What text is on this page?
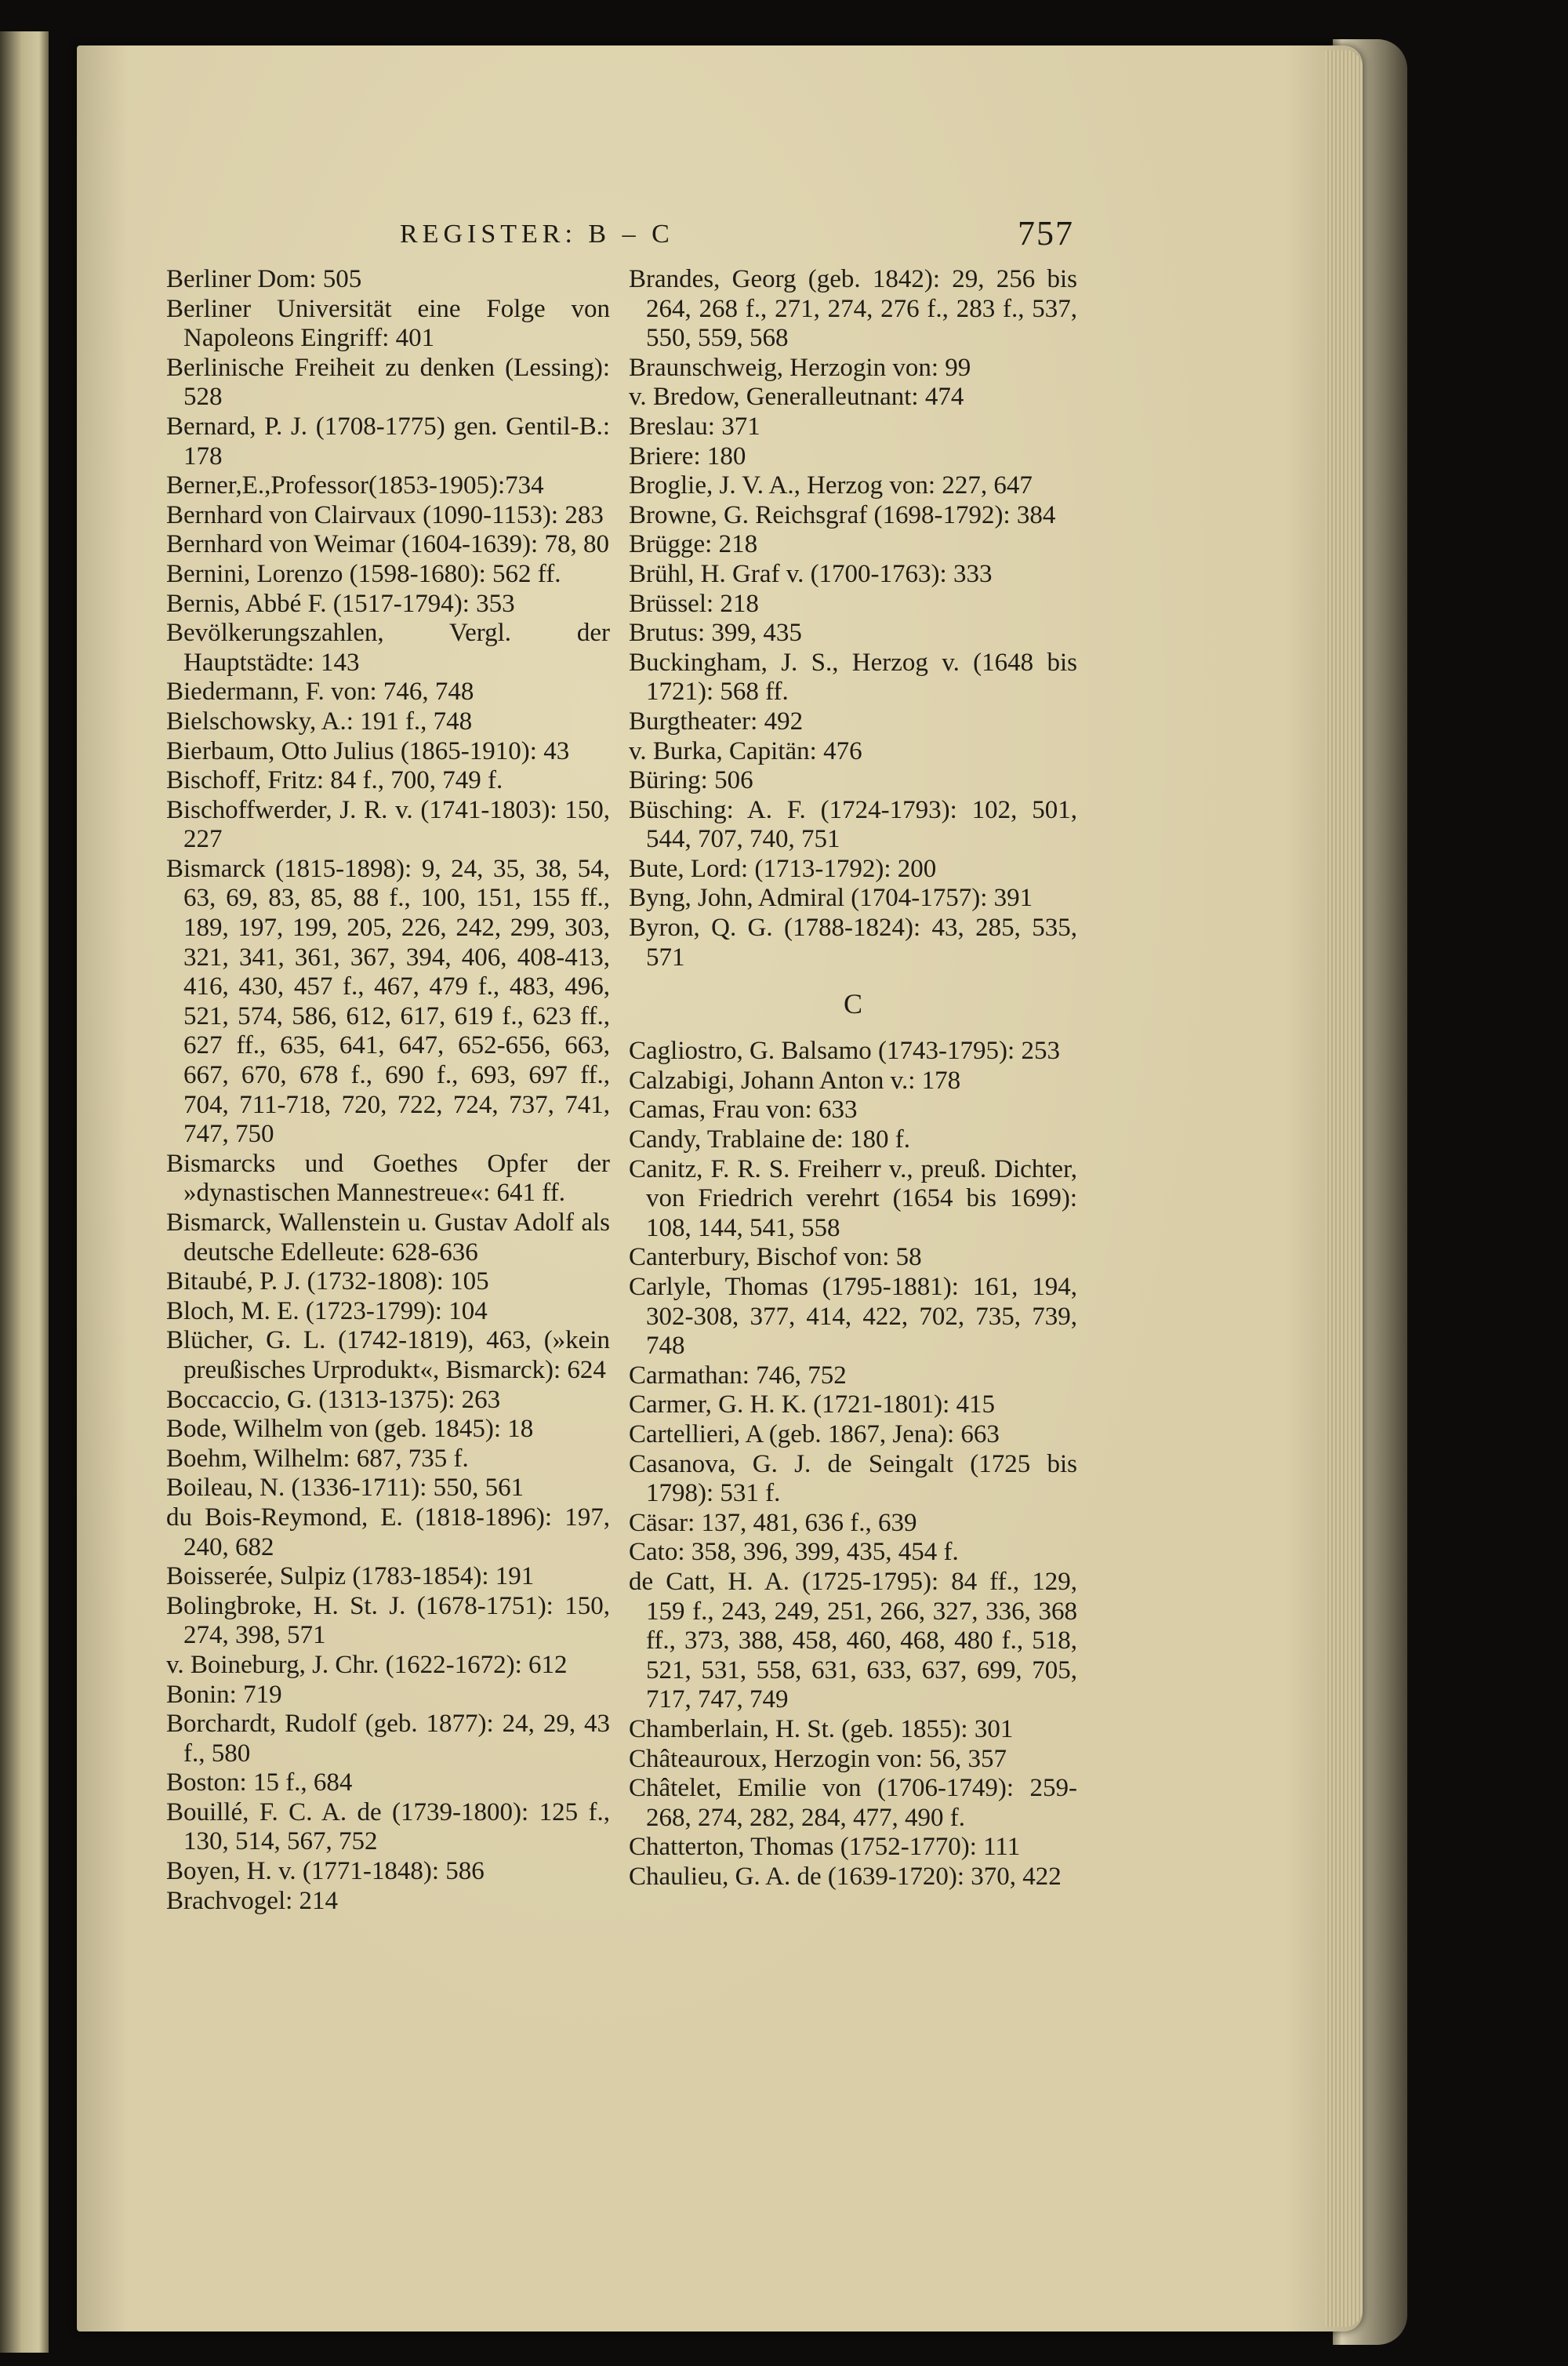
REGISTER: B – C	757

Berliner Dom: 505

Berliner Universität eine Folge von Napoleons Eingriff: 401

Berlinische Freiheit zu denken (Lessing): 528

Bernard, P. J. (1708-1775) gen. Gentil-B.: 178

Berner,E.,Professor(1853-1905):734

Bernhard von Clairvaux (1090-1153): 283

Bernhard von Weimar (1604-1639): 78, 80

Bernini, Lorenzo (1598-1680): 562 ff.

Bernis, Abbé F. (1517-1794): 353

Bevölkerungszahlen, Vergl. der Hauptstädte: 143

Biedermann, F. von: 746, 748

Bielschowsky, A.: 191 f., 748

Bierbaum, Otto Julius (1865-1910): 43

Bischoff, Fritz: 84 f., 700, 749 f.

Bischoffwerder, J. R. v. (1741-1803): 150, 227

Bismarck (1815-1898): 9, 24, 35, 38, 54, 63, 69, 83, 85, 88 f., 100, 151, 155 ff., 189, 197, 199, 205, 226, 242, 299, 303, 321, 341, 361, 367, 394, 406, 408-413, 416, 430, 457 f., 467, 479 f., 483, 496, 521, 574, 586, 612, 617, 619 f., 623 ff., 627 ff., 635, 641, 647, 652-656, 663, 667, 670, 678 f., 690 f., 693, 697 ff., 704, 711-718, 720, 722, 724, 737, 741, 747, 750

Bismarcks und Goethes Opfer der »dynastischen Mannestreue«: 641 ff.

Bismarck, Wallenstein u. Gustav Adolf als deutsche Edelleute: 628-636

Bitaubé, P. J. (1732-1808): 105

Bloch, M. E. (1723-1799): 104

Blücher, G. L. (1742-1819), 463, (»kein preußisches Urprodukt«, Bismarck): 624

Boccaccio, G. (1313-1375): 263

Bode, Wilhelm von (geb. 1845): 18

Boehm, Wilhelm: 687, 735 f.

Boileau, N. (1336-1711): 550, 561

du Bois-Reymond, E. (1818-1896): 197, 240, 682

Boisserée, Sulpiz (1783-1854): 191

Bolingbroke, H. St. J. (1678-1751): 150, 274, 398, 571

v. Boineburg, J. Chr. (1622-1672): 612

Bonin: 719

Borchardt, Rudolf (geb. 1877): 24, 29, 43 f., 580

Boston: 15 f., 684

Bouillé, F. C. A. de (1739-1800): 125 f., 130, 514, 567, 752

Boyen, H. v. (1771-1848): 586

Brachvogel: 214

Brandes, Georg (geb. 1842): 29, 256 bis 264, 268 f., 271, 274, 276 f., 283 f., 537, 550, 559, 568

Braunschweig, Herzogin von: 99

v. Bredow, Generalleutnant: 474

Breslau: 371

Briere: 180

Broglie, J. V. A., Herzog von: 227, 647

Browne, G. Reichsgraf (1698-1792): 384

Brügge: 218

Brühl, H. Graf v. (1700-1763): 333

Brüssel: 218

Brutus: 399, 435

Buckingham, J. S., Herzog v. (1648 bis 1721): 568 ff.

Burgtheater: 492

v. Burka, Capitän: 476

Büring: 506

Büsching: A. F. (1724-1793): 102, 501, 544, 707, 740, 751

Bute, Lord: (1713-1792): 200

Byng, John, Admiral (1704-1757): 391

Byron, Q. G. (1788-1824): 43, 285, 535, 571

C

Cagliostro, G. Balsamo (1743-1795): 253

Calzabigi, Johann Anton v.: 178

Camas, Frau von: 633

Candy, Trablaine de: 180 f.

Canitz, F. R. S. Freiherr v., preuß. Dichter, von Friedrich verehrt (1654 bis 1699): 108, 144, 541, 558

Canterbury, Bischof von: 58

Carlyle, Thomas (1795-1881): 161, 194, 302-308, 377, 414, 422, 702, 735, 739, 748

Carmathan: 746, 752

Carmer, G. H. K. (1721-1801): 415

Cartellieri, A (geb. 1867, Jena): 663

Casanova, G. J. de Seingalt (1725 bis 1798): 531 f.

Cäsar: 137, 481, 636 f., 639

Cato: 358, 396, 399, 435, 454 f.

de Catt, H. A. (1725-1795): 84 ff., 129, 159 f., 243, 249, 251, 266, 327, 336, 368 ff., 373, 388, 458, 460, 468, 480 f., 518, 521, 531, 558, 631, 633, 637, 699, 705, 717, 747, 749

Chamberlain, H. St. (geb. 1855): 301

Châteauroux, Herzogin von: 56, 357

Châtelet, Emilie von (1706-1749): 259-268, 274, 282, 284, 477, 490 f.

Chatterton, Thomas (1752-1770): 111

Chaulieu, G. A. de (1639-1720): 370, 422
